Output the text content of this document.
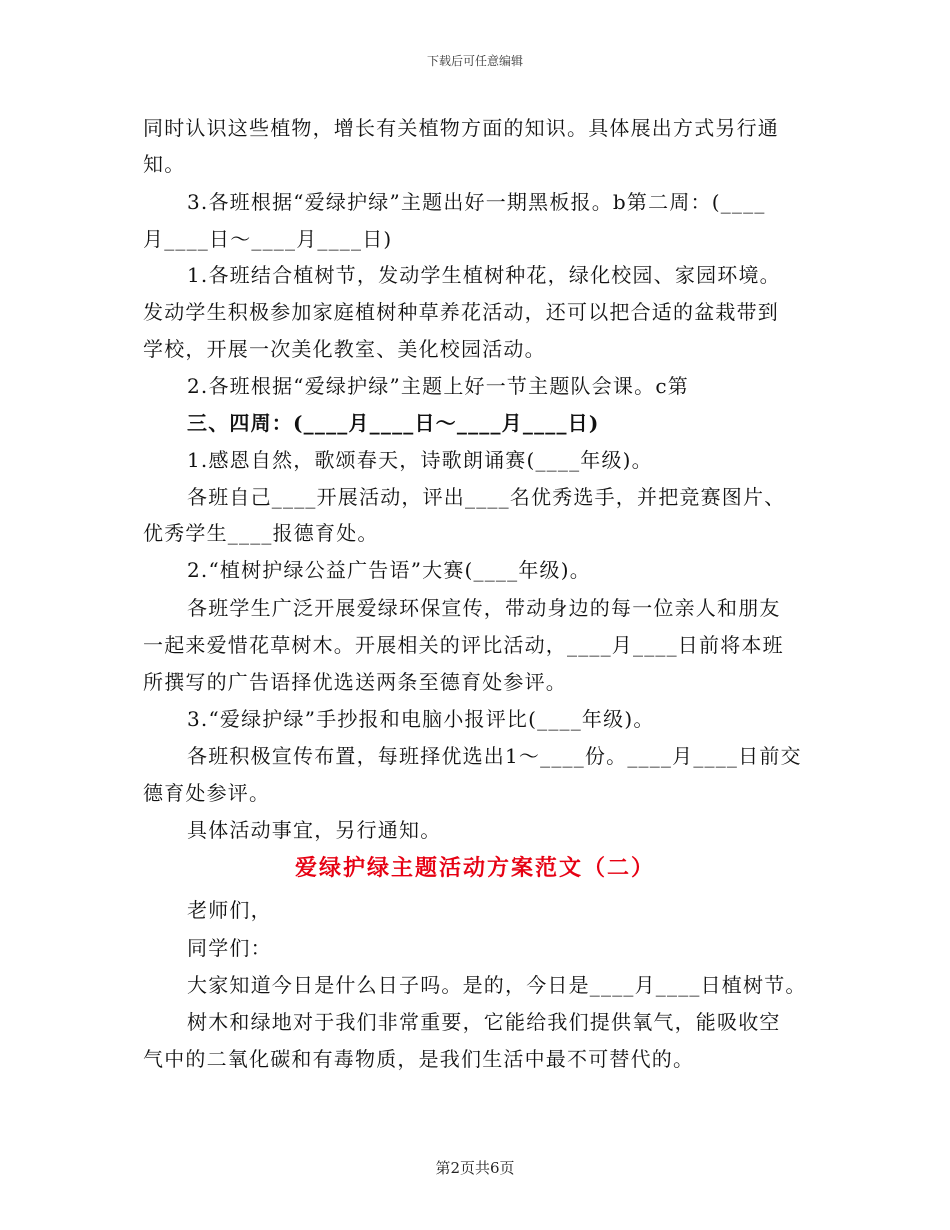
下载后可任意编辑
同时认识这些植物，增长有关植物方面的知识。具体展出方式另行通
知。
3.各班根据“爱绿护绿”主题出好一期黑板报。b第二周：(____
月____日～____月____日)
1.各班结合植树节，发动学生植树种花，绿化校园、家园环境。
发动学生积极参加家庭植树种草养花活动，还可以把合适的盆栽带到
学校，开展一次美化教室、美化校园活动。
2.各班根据“爱绿护绿”主题上好一节主题队会课。c第
三、四周：(____月____日～____月____日)
1.感恩自然，歌颂春天，诗歌朗诵赛(____年级)。
各班自己____开展活动，评出____名优秀选手，并把竞赛图片、
优秀学生____报德育处。
2.“植树护绿公益广告语”大赛(____年级)。
各班学生广泛开展爱绿环保宣传，带动身边的每一位亲人和朋友
一起来爱惜花草树木。开展相关的评比活动，____月____日前将本班
所撰写的广告语择优选送两条至德育处参评。
3.“爱绿护绿”手抄报和电脑小报评比(____年级)。
各班积极宣传布置，每班择优选出1～____份。____月____日前交
德育处参评。
具体活动事宜，另行通知。
爱绿护绿主题活动方案范文（二）
老师们，
同学们：
大家知道今日是什么日子吗。是的，今日是____月____日植树节。
树木和绿地对于我们非常重要，它能给我们提供氧气，能吸收空
气中的二氧化碳和有毒物质，是我们生活中最不可替代的。
第2页共6页
